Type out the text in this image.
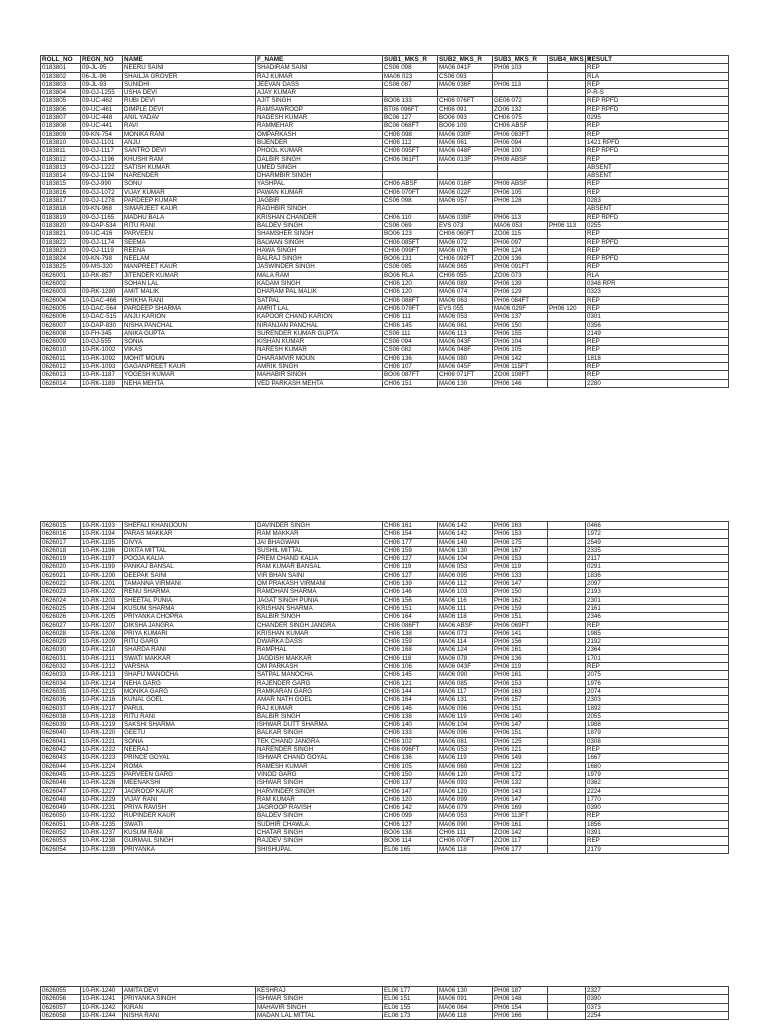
ROLL_NO	REGN_NO	NAME	F_NAME	SUB1_MKS_R	SUB2_MKS_R	SUB3_MKS_R	SUB4_MKS_4	RESULT
0183801	09-JL-95	NEERU SAINI	SHADIRAM SAINI	CS06 098	MA06 041F	PH06 103		REP
0183802	06-JL-96	SHAILJA GROVER	RAJ KUMAR	MA06 023	CS06 093			RLA
0183803	09-JL-93	SUNIDHI	JEEVAN DASS	CS06 087	MA06 036F	PH06 113		REP
0183804	09-GJ-1255	USHA DEVI	AJAY KUMAR					P-R-S
0183805	09-UC-462	RUBI DEVI	AJIT SINGH	BO06 133	CH06 076FT	GE06 072		REP RPFD
0183806	09-UC-461	DIMPLE DEVI	RAMSAWROOP	BT06 096FT	CH06 091	ZO06 132		REP RPFD
0183807	09-UC-448	ANIL YADAV	NAGESH KUMAR	BC06 127	BO06 093	CH06 075		0295
0183808	09-UC-441	RAVI	RAMMEHAR	BC06 068FT	BO06 109	CH06 ABSF		REP
0183809	09-KN-754	MONIKA RANI	OMPARKASH	CH06 098	MA06 030F	PH06 083FT		REP
0183810	09-GJ-1101	ANJU	BIJENDER	CH06 112	MA06 061	PH06 094		1421 RPFD
0183811	09-GJ-1117	SANTRO DEVI	PHOOL KUMAR	CH06 095FT	MA06 048F	PH06 100		REP RPFD
0183812	09-GJ-1196	KHUSHI RAM	DALBIR SINGH	CH06 061FT	MA06 013F	PH06 ABSF		REP
0183813	09-GJ-1222	SATISH KUMAR	UMED SINGH					ABSENT
0183814	09-GJ-1194	NARENDER	DHARMBIR SINGH					ABSENT
0183815	09-GJ-990	SONU	YASHPAL	CH06 ABSF	MA06 016F	PH06 ABSF		REP
0183816	09-GJ-1072	VIJAY KUMAR	PAWAN KUMAR	CH06 070FT	MA06 022F	PH06 105		REP
0183817	09-GJ-1278	PARDEEP KUMAR	JAGBIR	CS06 098	MA06 057	PH06 128		0283
0183818	09-KN-968	SIMARJEET KAUR	RAGHBIR SINGH					ABSENT
0183819	09-GJ-1165	MADHU BALA	KRISHAN CHANDER	CH06 110	MA06 039F	PH06 113		REP RPFD
0183820	09-DAP-534	RITU RANI	BALDEV SINGH	CS06 069	EVS 073	MA06 053	PH06 113	0255
0183821	09-UC-416	PARVEEN	SHAMSHER SINGH	BO06 123	CH06 060FT	ZO06 115		REP
0183822	09-GJ-1174	SEEMA	BALWAN SINGH	CH06 085FT	MA06 072	PH06 097		REP RPFD
0183823	09-GJ-1119	REENA	HAWA SINGH	CH06 099FT	MA06 076	PH06 124		REP
0183824	09-KN-798	NEELAM	BALRAJ SINGH	BO06 131	CH06 092FT	ZO06 136		REP RPFD
0183825	09-MS-320	MANPREET KAUR	JASWINDER SINGH	CS06 085	MA06 065	PH06 091FT		REP
0626001	10-RK-857	JITENDER KUMAR	MALA RAM	BO06 RLA	CH06 055	ZO06 073		RLA
0626002		SOHAN LAL	KADAM SINGH	CH06 120	MA06 089	PH06 139		0348 RPR
0626003	09-RK-1280	AMIT MALIK	DHARAM PAL MALIK	CH06 120	MA06 074	PH06 129		0323
0626004	10-DAC-466	SHIKHA RANI	SATPAL	CH06 088FT	MA06 063	PH06 084FT		REP
0626005	10-DAC-564	PARDEEP SHARMA	AMRIT LAL	CH06 079FT	EVS 055	MA06 029F	PH06 120	REP
0626006	10-DAC-515	ANJU KARION	KAPOOR CHAND KARION	CH06 111	MA06 053	PH06 137		0301
0626007	10-DAP-830	NISHA PANCHAL	NIRANJAN PANCHAL	CH06 145	MA06 061	PH06 150		0356
0626008	10-FH-345	ANIKA GUPTA	SURENDER KUMAR GUPTA	CS06 111	MA06 113	PH06 155		2149
0626009	10-GJ-555	SONIA	KISHAN KUMAR	CS06 094	MA06 043F	PH06 104		REP
0626010	10-RK-1002	VIKAS	NARESH KUMAR	CS06 082	MA06 048F	PH06 105		REP
0626011	10-RK-1092	MOHIT MOUN	DHARAMVIR MOUN	CH06 136	MA06 080	PH06 142		1818
0626012	10-RK-1093	GAGANPREET KAUR	AMRIK SINGH	CH06 107	MA06 045F	PH06 115FT		REP
0626013	10-RK-1187	YOGESH KUMAR	MAHABIR SINGH	BO06 087FT	CH06 071FT	ZO06 108FT		REP
0626014	10-RK-1189	NEHA MEHTA	VED PARKASH MEHTA	CH06 151	MA06 130	PH06 146		2280
0626015	10-RK-1193	SHEFALI KHANIJOUN	DAVINDER SINGH	CH06 161	MA06 142	PH06 163		0466
0626016	10-RK-1194	PARAS MAKKAR	RAM MAKKAR	CH06 154	MA06 142	PH06 153		1972
0626017	10-RK-1195	DIVYA	JAI BHAGWAN	CH06 177	MA06 149	PH06 175		2549
0626018	10-RK-1196	DIXITA MITTAL	SUSHIL MITTAL	CH06 159	MA06 130	PH06 167		2335
0626019	10-RK-1197	POOJA KALIA	PREM CHAND KALIA	CH06 127	MA06 104	PH06 153		2117
0626020	10-RK-1199	PANKAJ BANSAL	RAM KUMAR BANSAL	CH06 119	MA06 053	PH06 119		0291
0626021	10-RK-1200	DEEPAK SAINI	VIR BHAN SAINI	CH06 127	MA06 095	PH06 133		1836
0626022	10-RK-1201	TAMANNA VIRMANI	OM PRAKASH VIRMANI	CH06 139	MA06 112	PH06 147		2097
0626023	10-RK-1202	RENU SHARMA	RAMDHAN SHARMA	CH06 146	MA06 103	PH06 150		2193
0626024	10-RK-1203	SHEETAL PUNIA	JAGAT SINGH PUNIA	CH06 156	MA06 116	PH06 162		2301
0626025	10-RK-1204	KUSUM SHARMA	KRISHAN SHARMA	CH06 151	MA06 111	PH06 159		2161
0626026	10-RK-1205	PRIYANKA CHOPRA	BALBIR SINGH	CH06 164	MA06 118	PH06 151		2346
0626027	10-RK-1207	DIKSHA JANGRA	CHANDER SINGH JANGRA	CH06 086FT	MA06 ABSF	PH06 069FT		REP
0626028	10-RK-1208	PRIYA KUMARI	KRISHAN KUMAR	CH06 138	MA06 073	PH06 141		1985
0626029	10-RK-1209	RITU GARG	DWARKA DASS	CH06 159	MA06 114	PH06 156		2192
0626030	10-RK-1210	SHARDA RANI	RAMPHAL	CH06 168	MA06 124	PH06 161		2364
0626031	10-RK-1211	SWATI MAKKAR	JAGDISH MAKKAR	CH06 118	MA06 078	PH06 136		1701
0626032	10-RK-1212	VARSHA	OM PARKASH	CH06 106	MA06 043F	PH06 119		REP
0626033	10-RK-1213	SHAFU MANOCHA	SATPAL MANOCHA	CH06 145	MA06 090	PH06 161		2075
0626034	10-RK-1214	NEHA GARG	RAJENDER GARG	CH06 121	MA06 085	PH06 153		1976
0626035	10-RK-1215	MONIKA GARG	RAMKARAN GARG	CH06 144	MA06 117	PH06 163		2074
0626036	10-RK-1216	KUNAL GOEL	AMAR NATH GOEL	CH06 164	MA06 131	PH06 157		2303
0626037	10-RK-1217	PARUL	RAJ KUMAR	CH06 146	MA06 096	PH06 151		1892
0626038	10-RK-1218	RITU RANI	BALBIR SINGH	CH06 138	MA06 119	PH06 140		2055
0626039	10-RK-1219	SAKSHI SHARMA	ISHWAR DUTT SHARMA	CH06 140	MA06 104	PH06 147		1988
0626040	10-RK-1220	GEETU	BALKAR SINGH	CH06 133	MA06 096	PH06 151		1879
0626041	10-RK-1221	SONIA	TEK CHAND JANGRA	CH06 102	MA06 081	PH06 125		0308
0626042	10-RK-1222	NEERAJ	NARENDER SINGH	CH06 096FT	MA06 053	PH06 121		REP
0626043	10-RK-1223	PRINCE GOYAL	ISHWAR CHAND GOYAL	CH06 136	MA06 119	PH06 149		1667
0626044	10-RK-1224	ROMA	RAMESH KUMAR	CH06 105	MA06 069	PH06 122		1680
0626045	10-RK-1225	PARVEEN GARG	VINOD GARG	CH06 150	MA06 120	PH06 172		1979
0626046	10-RK-1226	MEENAKSHI	ISHWAR SINGH	CH06 137	MA06 093	PH06 132		0362
0626047	10-RK-1227	JAGROOP KAUR	HARVINDER SINGH	CH06 147	MA06 120	PH06 143		2224
0626048	10-RK-1229	VIJAY RANI	RAM KUMAR	CH06 120	MA06 099	PH06 147		1770
0626049	10-RK-1231	PRIYA RAVISH	JAGROOP RAVISH	CH06 142	MA06 079	PH06 169		0390
0626050	10-RK-1232	RUPINDER KAUR	BALDEV SINGH	CH06 099	MA06 053	PH06 113FT		REP
0626051	10-RK-1235	SWATI	SUDHIR CHAWLA	CH06 127	MA06 090	PH06 161		1856
0626052	10-RK-1237	KUSUM RANI	CHATAR SINGH	BO06 138	CH06 111	ZO06 142		0391
0626053	10-RK-1238	GURMAIL SINGH	RAJDEV SINGH	BO06 114	CH06 070FT	ZO06 117		REP
0626054	10-RK-1239	PRIYANKA	SHISHUPAL	EL06 165	MA06 118	PH06 177		2179
0626055	10-RK-1240	AMITA DEVI	KESHRAJ	EL06 177	MA06 130	PH06 187		2327
0626056	10-RK-1241	PRIYANKA SINGH	ISHWAR SINGH	EL06 151	MA06 091	PH06 148		0390
0626057	10-RK-1242	KIRAN	MAHAVIR SINGH	EL06 155	MA06 064	PH06 154		0373
0626058	10-RK-1244	NISHA RANI	MADAN LAL MITTAL	EL06 173	MA06 118	PH06 166		2254
